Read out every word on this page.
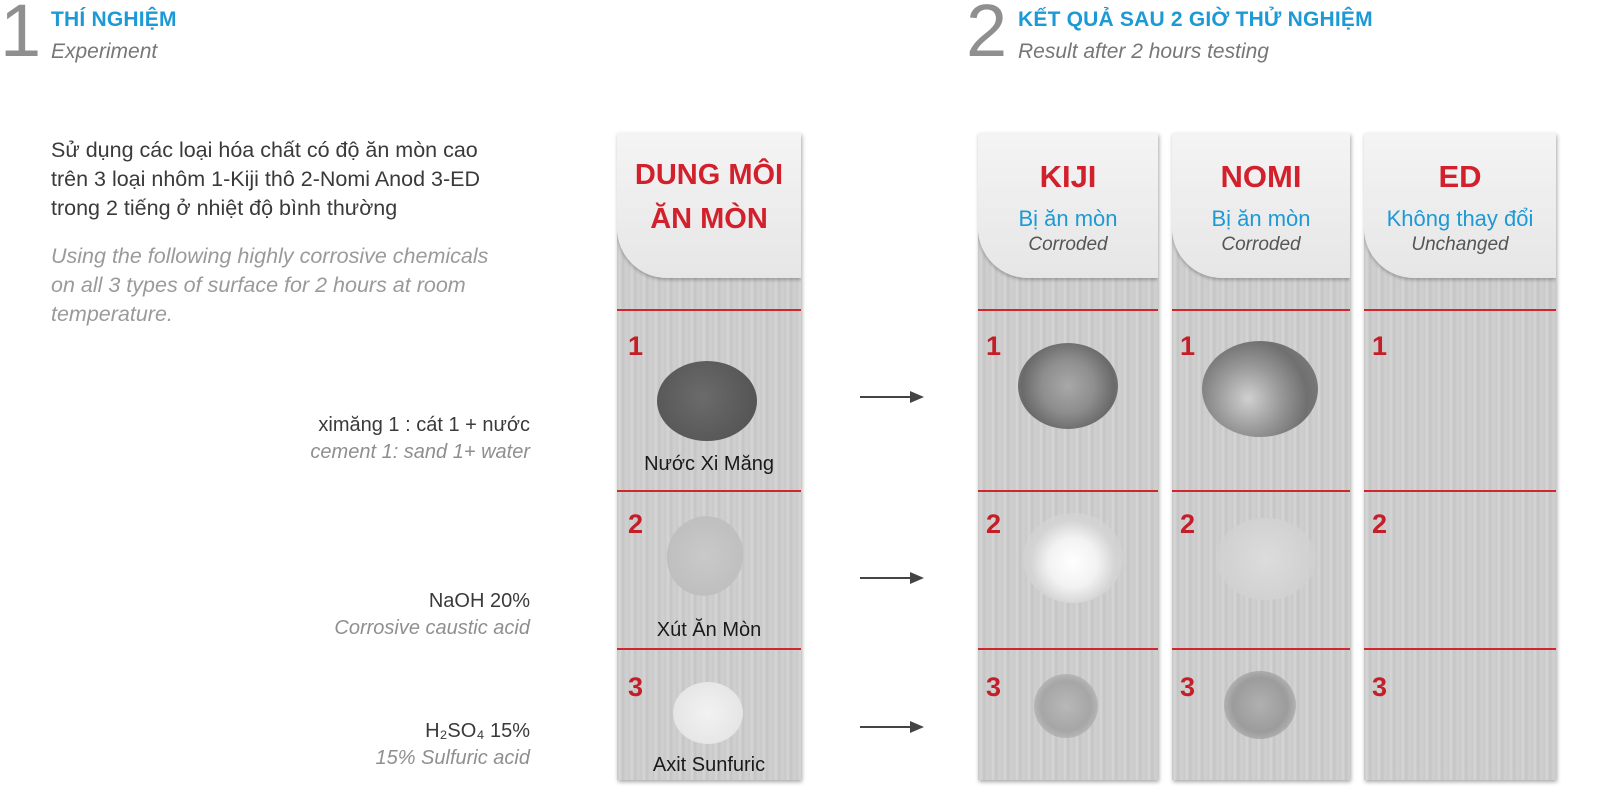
1 THÍ NGHIỆM
Experiment	2 KẾT QUẢ SAU 2 GIỜ THỬ NGHIỆM
Result after 2 hours testing
Sử dụng các loại hóa chất có độ ăn mòn cao
trên 3 loại nhôm 1-Kiji thô 2-Nomi Anod 3-ED
trong 2 tiếng ở nhiệt độ bình thường
Using the following highly corrosive chemicals
on all 3 types of surface for 2 hours at room
temperature.
ximăng 1 : cát 1 + nước
cement 1: sand 1+ water
NaOH 20%
Corrosive caustic acid
H₂SO₄ 15%
15% Sulfuric acid
DUNG MÔI
ĂN MÒN
1
Nước Xi Măng
2
Xút Ăn Mòn
3
Axit Sunfuric
KIJI
Bị ăn mòn
Corroded
1
2
3
NOMI
Bị ăn mòn
Corroded
1
2
3
ED
Không thay đổi
Unchanged
1
2
3
